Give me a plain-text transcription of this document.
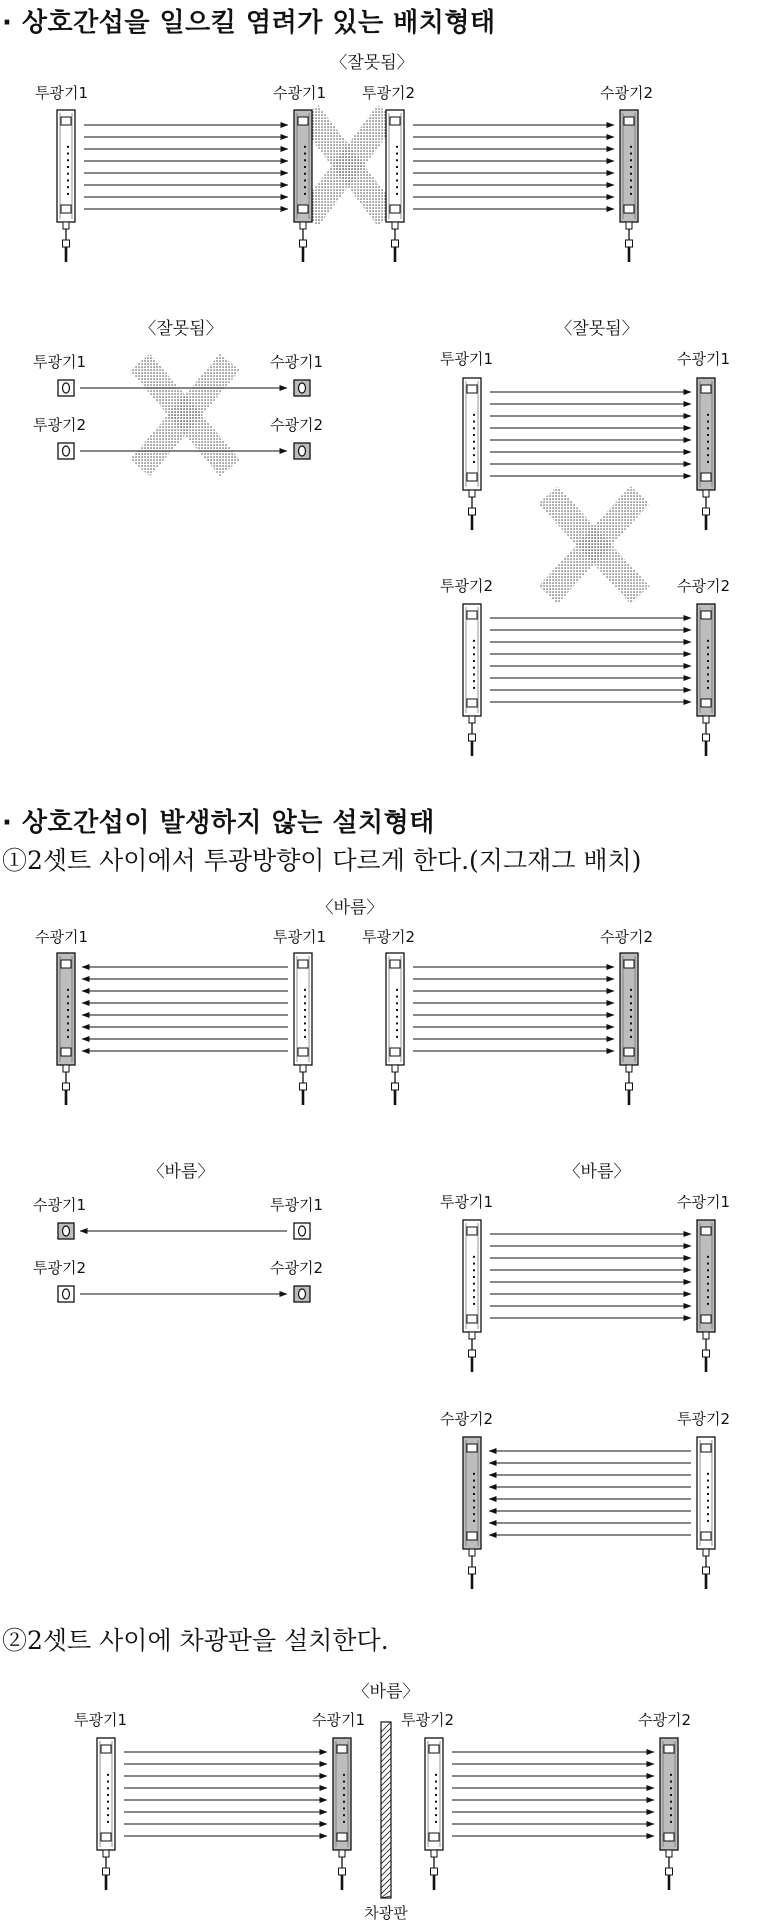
· 상호간섭을 일으킬 염려가 있는 배치형태
· 상호간섭이 발생하지 않는 설치형태
①2셋트 사이에서 투광방향이 다르게 한다.(지그재그 배치)
②2셋트 사이에 차광판을 설치한다.
〈잘못됨〉
투광기1	수광기1 투광기2	수광기2
〈잘못됨〉
투광기1	수광기1
투광기2	수광기2
〈잘못됨〉
투광기1	수광기1
투광기2	수광기2
〈바름〉
수광기1	투광기1 투광기2	수광기2
〈바름〉
수광기1	투광기1
투광기2	수광기2
〈바름〉
투광기1	수광기1
수광기2	투광기2
〈바름〉
투광기1	수광기1 투광기2	수광기2
차광판
